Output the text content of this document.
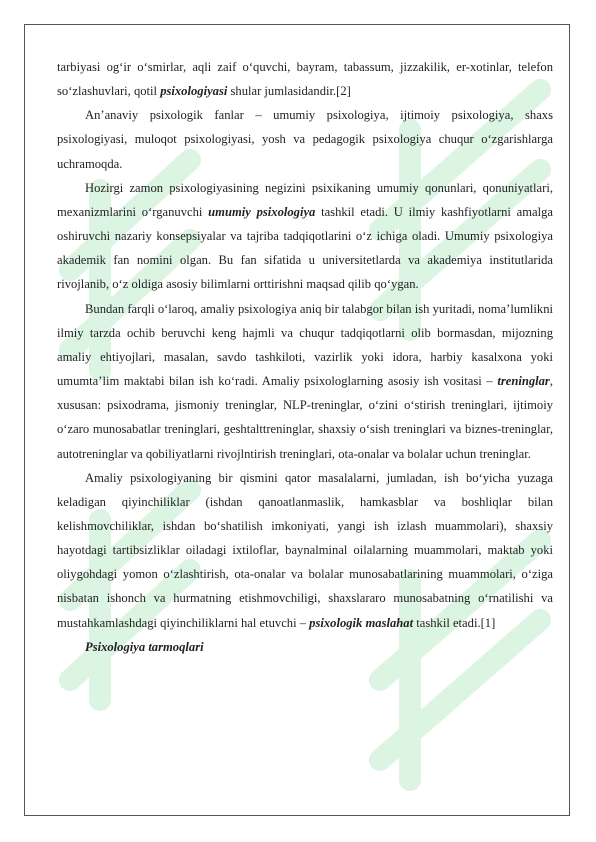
tarbiyasi og‘ir o‘smirlar, aqli zaif o‘quvchi, bayram, tabassum, jizzakilik, er-xotinlar, telefon so‘zlashuvlari, qotil psixologiyasi shular jumlasidandir.[2]

An’anaviy psixologik fanlar – umumiy psixologiya, ijtimoiy psixologiya, shaxs psixologiyasi, muloqot psixologiyasi, yosh va pedagogik psixologiya chuqur o‘zgarishlarga uchramoqda.

Hozirgi zamon psixologiyasining negizini psixikaning umumiy qonunlari, qonuniyatlari, mexanizmlarini o‘rganuvchi umumiy psixologiya tashkil etadi. U ilmiy kashfiyotlarni amalga oshiruvchi nazariy konsepsiyalar va tajriba tadqiqotlarini o‘z ichiga oladi. Umumiy psixologiya akademik fan nomini olgan. Bu fan sifatida u universitetlarda va akademiya institutlarida rivojlanib, o‘z oldiga asosiy bilimlarni orttirishni maqsad qilib qo‘ygan.

Bundan farqli o‘laroq, amaliy psixologiya aniq bir talabgor bilan ish yuritadi, noma’lumlikni ilmiy tarzda ochib beruvchi keng hajmli va chuqur tadqiqotlarni olib bormasdan, mijozning amaliy ehtiyojlari, masalan, savdo tashkiloti, vazirlik yoki idora, harbiy kasalxona yoki umumta’lim maktabi bilan ish ko‘radi. Amaliy psixologlarning asosiy ish vositasi – treninglar, xususan: psixodrama, jismoniy treninglar, NLP-treninglar, o‘zini o‘stirish treninglari, ijtimoiy o‘zaro munosabatlar treninglari, geshtalttreninglar, shaxsiy o‘sish treninglari va biznes-treninglar, autotreninglar va qobiliyatlarni rivojlntirish treninglari, ota-onalar va bolalar uchun treninglar.

Amaliy psixologiyaning bir qismini qator masalalarni, jumladan, ish bo‘yicha yuzaga keladigan qiyinchiliklar (ishdan qanoatlanmaslik, hamkasblar va boshliqlar bilan kelishmovchiliklar, ishdan bo‘shatilish imkoniyati, yangi ish izlash muammolari), shaxsiy hayotdagi tartibsizliklar oiladagi ixtiloflar, baynalminal oilalarning muammolari, maktab yoki oliygohdagi yomon o‘zlashtirish, ota-onalar va bolalar munosabatlarining muammolari, o‘ziga nisbatan ishonch va hurmatning etishmovchiligi, shaxslararo munosabatning o‘rnatilishi va mustahkamlashdagi qiyinchiliklarni hal etuvchi – psixologik maslahat tashkil etadi.[1]

Psixologiya tarmoqlari
